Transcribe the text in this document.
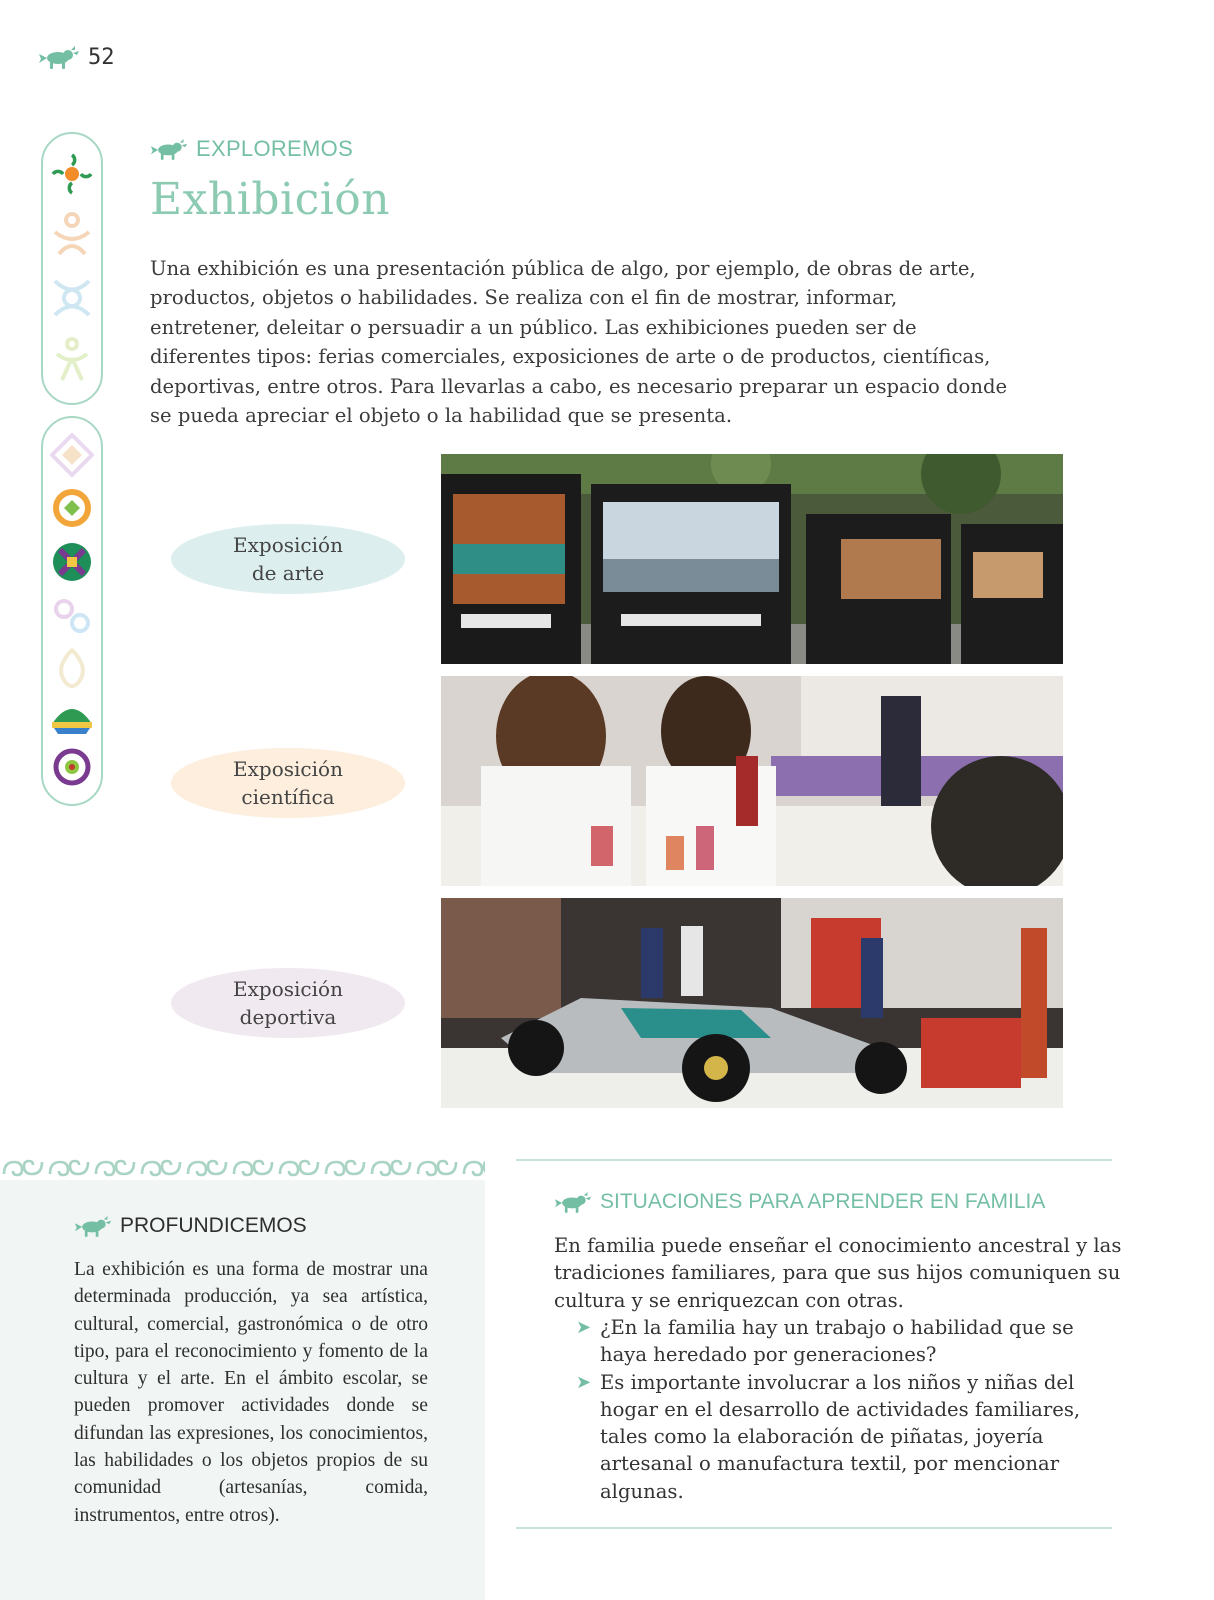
52
EXPLOREMOS
Exhibición

Una exhibición es una presentación pública de algo, por ejemplo, de obras de arte, productos, objetos o habilidades. Se realiza con el fin de mostrar, informar, entretener, deleitar o persuadir a un público. Las exhibiciones pueden ser de diferentes tipos: ferias comerciales, exposiciones de arte o de productos, científicas, deportivas, entre otros. Para llevarlas a cabo, es necesario preparar un espacio donde se pueda apreciar el objeto o la habilidad que se presenta.

Exposición
de arte
Exposición
científica
Exposición
deportiva
PROFUNDICEMOS

La exhibición es una forma de mostrar una determinada producción, ya sea artística, cultural, comercial, gastronómica o de otro tipo, para el reconocimiento y fomento de la cultura y el arte. En el ámbito escolar, se pueden promover actividades donde se difundan las expresiones, los conocimientos, las habilidades o los objetos propios de su comunidad (artesanías, comida, instrumentos, entre otros).

SITUACIONES PARA APRENDER EN FAMILIA

En familia puede enseñar el conocimiento ancestral y las tradiciones familiares, para que sus hijos comuniquen su cultura y se enriquezcan con otras.

➤ ¿En la familia hay un trabajo o habilidad que se haya heredado por generaciones?
➤ Es importante involucrar a los niños y niñas del hogar en el desarrollo de actividades familiares, tales como la elaboración de piñatas, joyería artesanal o manufactura textil, por mencionar algunas.
